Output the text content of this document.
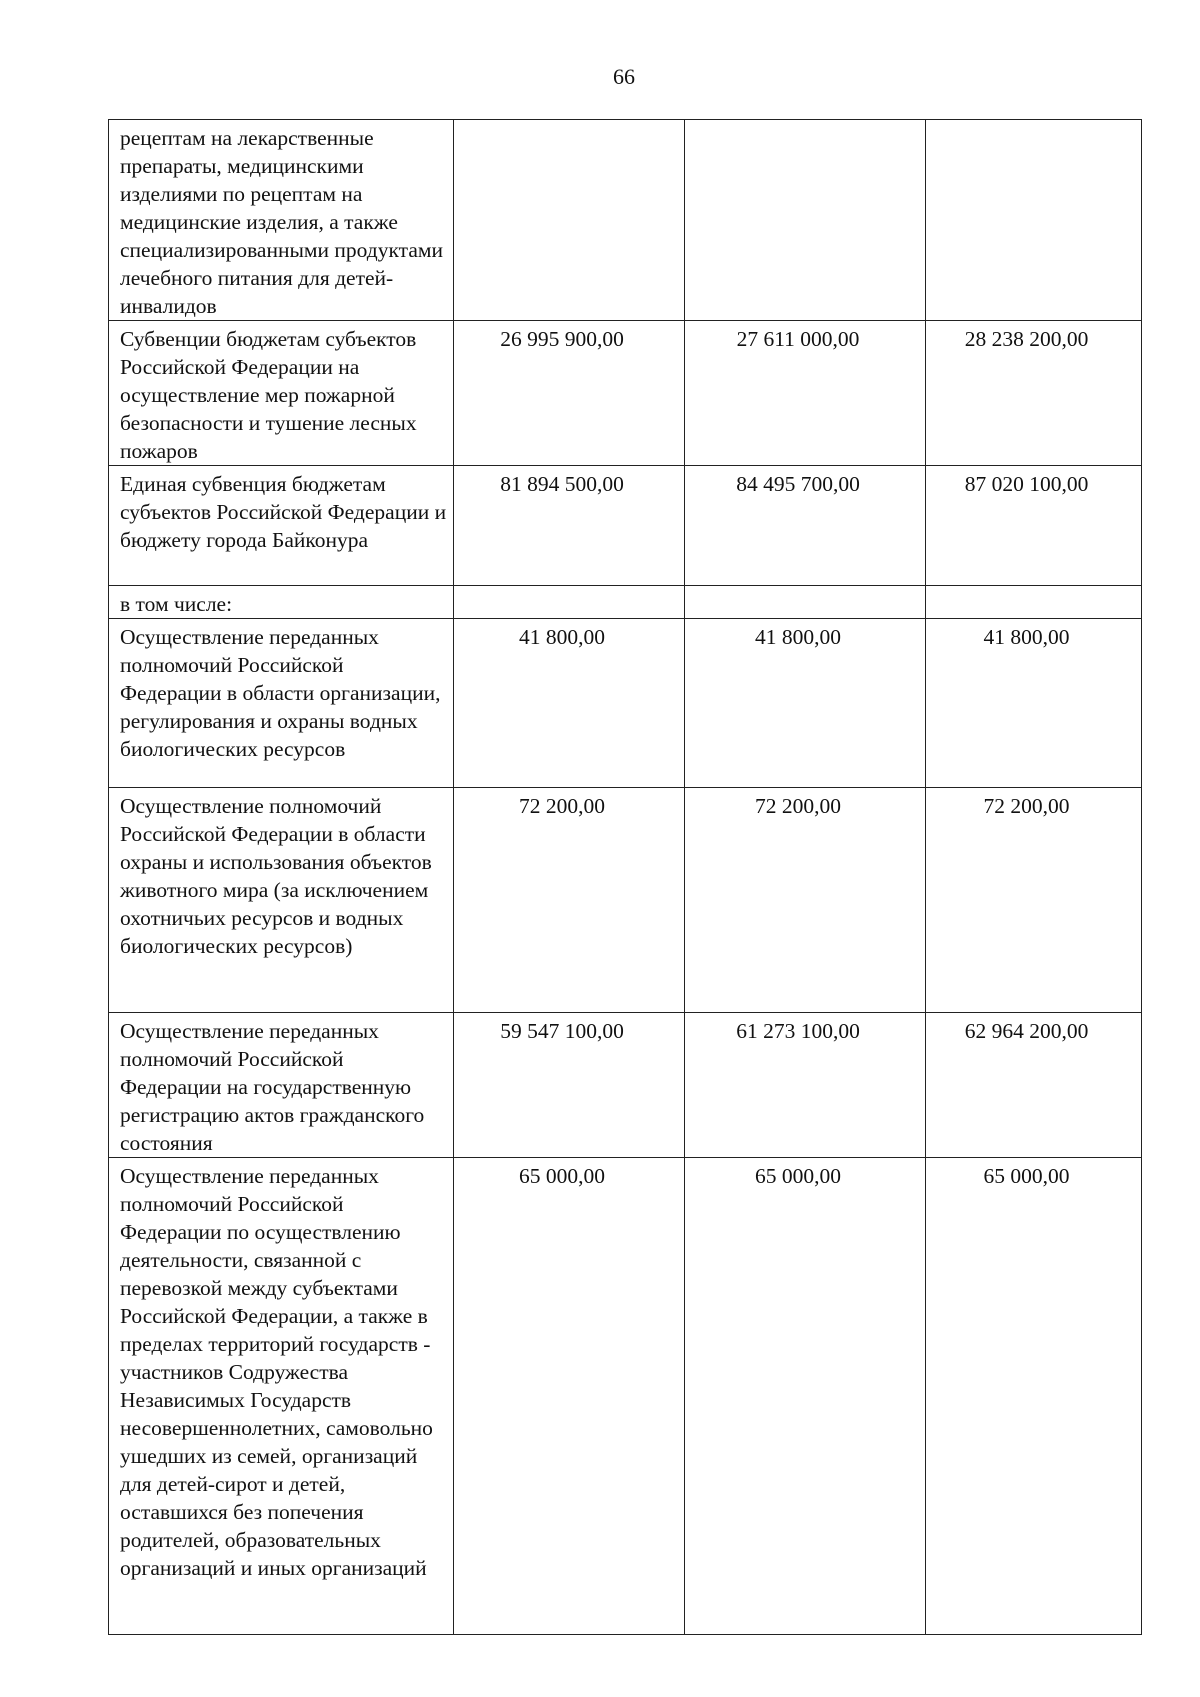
66
рецептам на лекарственные препараты, медицинскими изделиями по рецептам на медицинские изделия, а также специализированными продуктами лечебного питания для детей-инвалидов			
Субвенции бюджетам субъектов Российской Федерации на осуществление мер пожарной безопасности и тушение лесных пожаров	26 995 900,00	27 611 000,00	28 238 200,00
Единая субвенция бюджетам субъектов Российской Федерации и бюджету города Байконура	81 894 500,00	84 495 700,00	87 020 100,00
в том числе:			
Осуществление переданных полномочий Российской Федерации в области организации, регулирования и охраны водных биологических ресурсов	41 800,00	41 800,00	41 800,00
Осуществление полномочий Российской Федерации в области охраны и использования объектов животного мира (за исключением охотничьих ресурсов и водных биологических ресурсов)	72 200,00	72 200,00	72 200,00
Осуществление переданных полномочий Российской Федерации на государственную регистрацию актов гражданского состояния	59 547 100,00	61 273 100,00	62 964 200,00
Осуществление переданных полномочий Российской Федерации по осуществлению деятельности, связанной с перевозкой между субъектами Российской Федерации, а также в пределах территорий государств - участников Содружества Независимых Государств несовершеннолетних, самовольно ушедших из семей, организаций для детей-сирот и детей, оставшихся без попечения родителей, образовательных организаций и иных организаций	65 000,00	65 000,00	65 000,00
